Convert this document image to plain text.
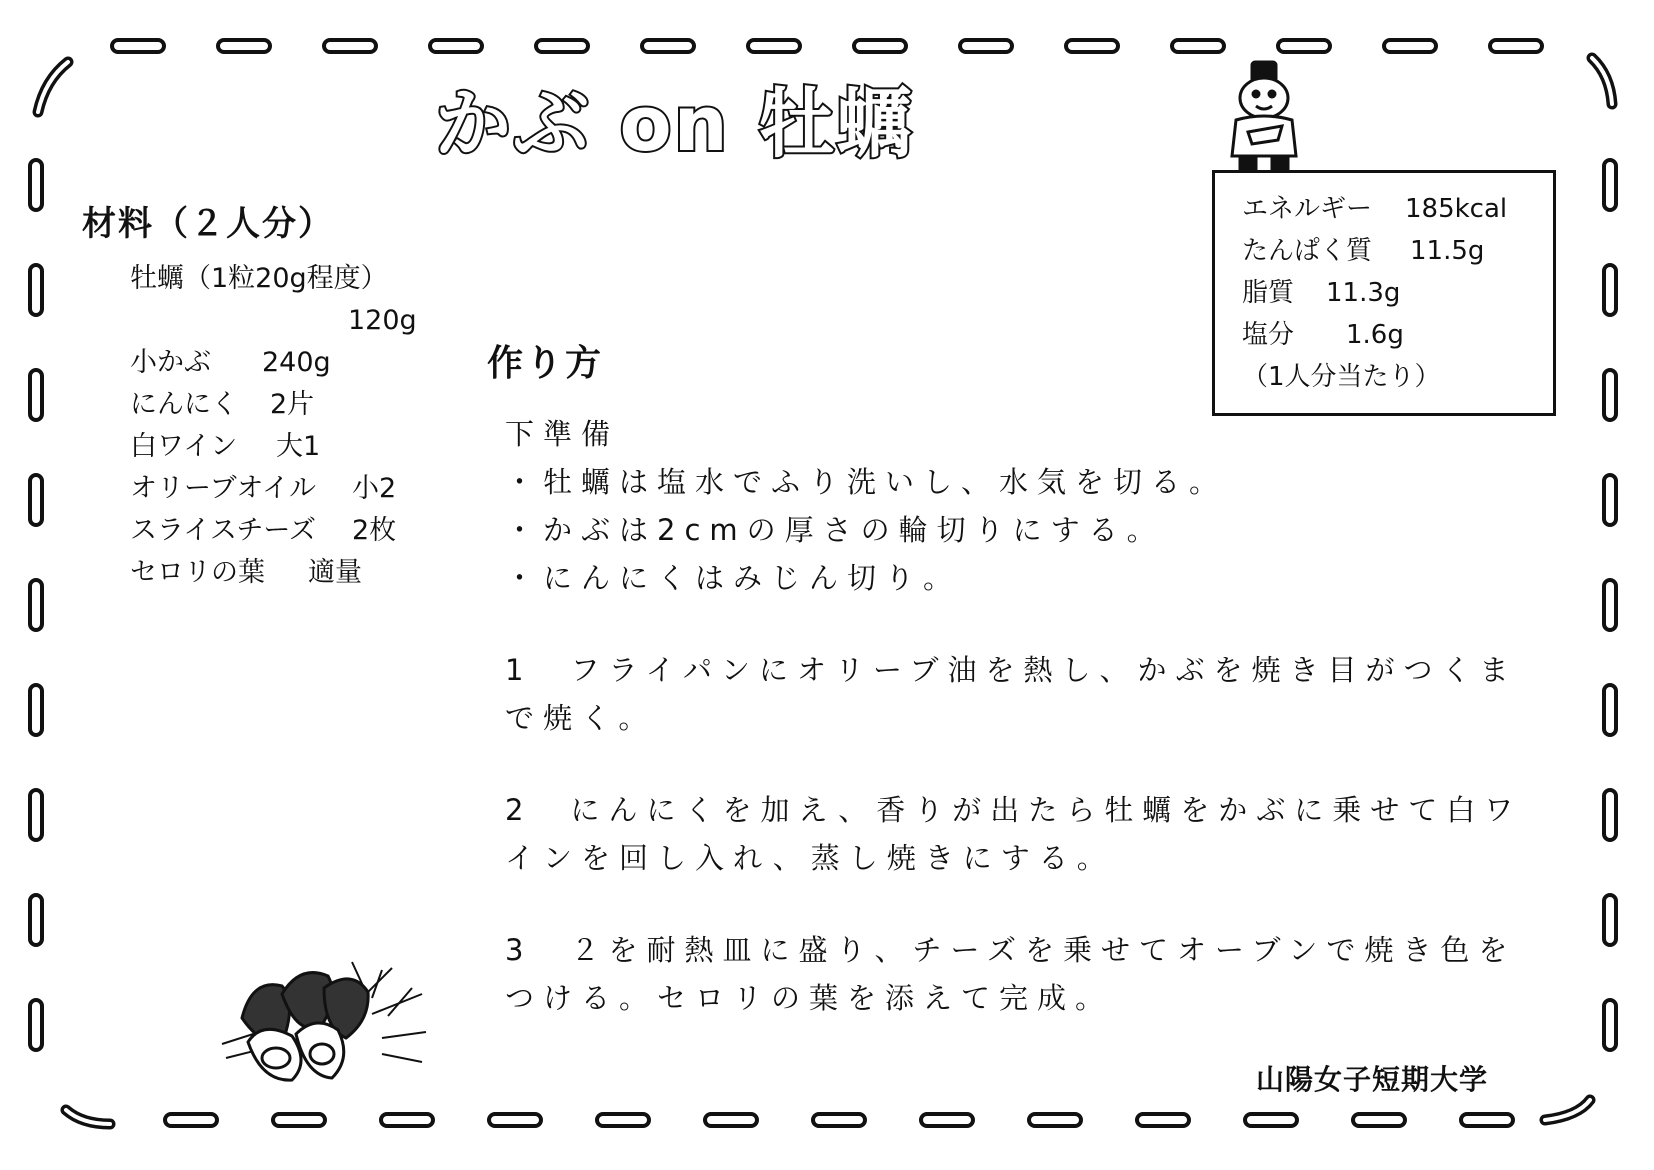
かぶ on 牡蠣
材料（２人分）
牡蠣（1粒20g程度）
120g
小かぶ 240g
にんにく 2片
白ワイン 大1
オリーブオイル 小2
スライスチーズ 2枚
セロリの葉 適量
作り方
下準備
・牡蠣は塩水でふり洗いし、水気を切る。
・かぶは2cmの厚さの輪切りにする。
・にんにくはみじん切り。
1　フライパンにオリーブ油を熱し、かぶを焼き目がつくま
で焼く。
2　にんにくを加え、香りが出たら牡蠣をかぶに乗せて白ワ
インを回し入れ、蒸し焼きにする。
3　２を耐熱皿に盛り、チーズを乗せてオーブンで焼き色を
つける。セロリの葉を添えて完成。
エネルギー 185kcal
たんぱく質 11.5g
脂質 11.3g
塩分 1.6g
（1人分当たり）
山陽女子短期大学
